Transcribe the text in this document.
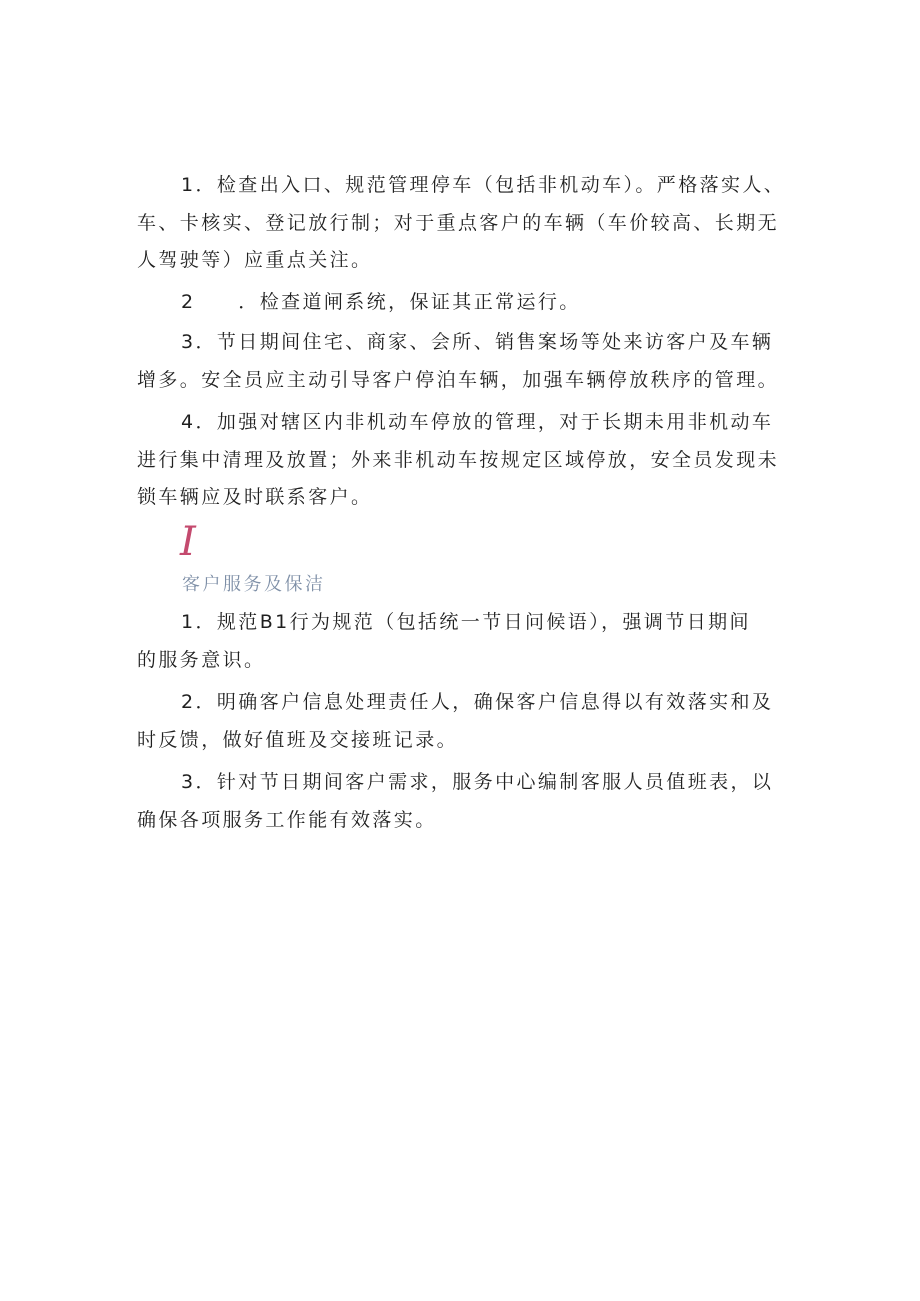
1．检查出入口、规范管理停车（包括非机动车）。严格落实人、
车、卡核实、登记放行制；对于重点客户的车辆（车价较高、长期无
人驾驶等）应重点关注。

2　　．检查道闸系统，保证其正常运行。

3．节日期间住宅、商家、会所、销售案场等处来访客户及车辆
增多。安全员应主动引导客户停泊车辆，加强车辆停放秩序的管理。

4．加强对辖区内非机动车停放的管理，对于长期未用非机动车
进行集中清理及放置；外来非机动车按规定区域停放，安全员发现未
锁车辆应及时联系客户。

I
客户服务及保洁

1．规范B1行为规范（包括统一节日问候语），强调节日期间
的服务意识。

2．明确客户信息处理责任人，确保客户信息得以有效落实和及
时反馈，做好值班及交接班记录。

3．针对节日期间客户需求，服务中心编制客服人员值班表，以
确保各项服务工作能有效落实。
